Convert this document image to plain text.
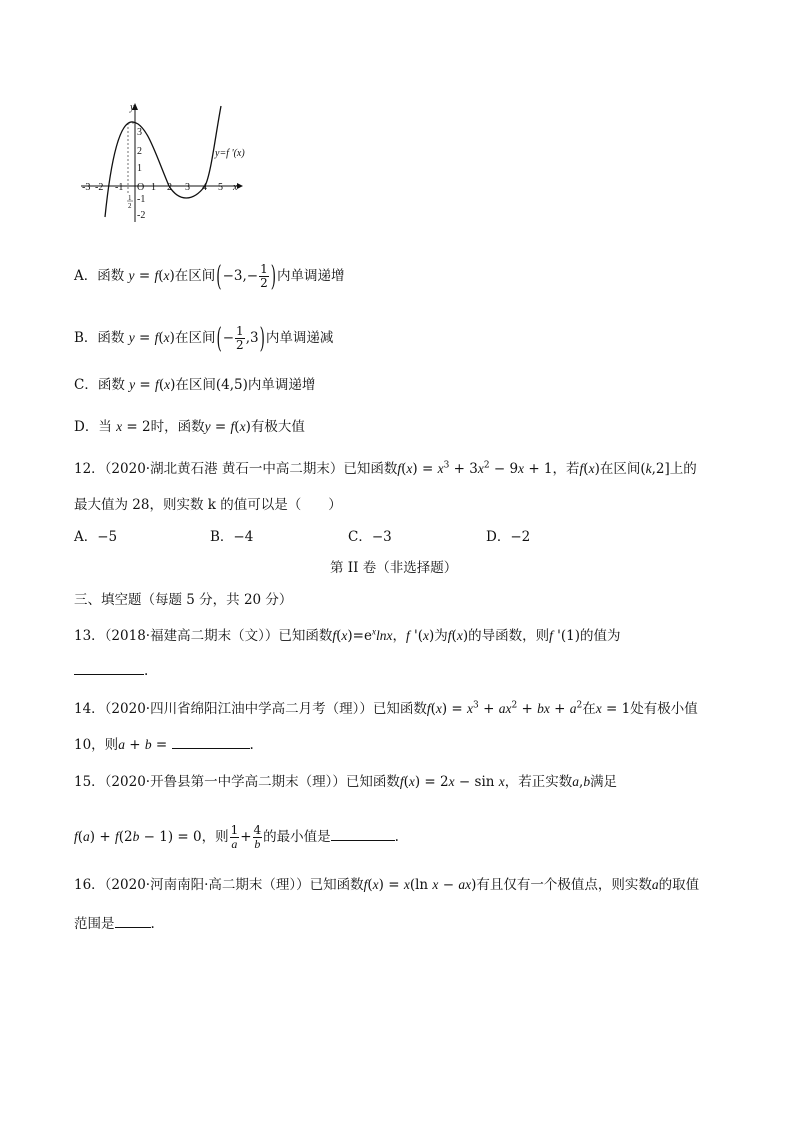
y
x
y=f '(x)
-3 -2 -1 O 1 2 3 4 5
3
2
1
-1
-2
1
2
A．函数 y = f(x)在区间($-3,- \frac{1}{2}$ )内单调递增
B．函数 y = f(x)在区间(− $\frac{1}{2} ,3$)内单调递减
C．函数 y = f(x)在区间(4,5)内单调递增
D．当 x = 2时，函数y = f(x)有极大值
12．（2020·湖北黄石港 黄石一中高二期末）已知函数$f(x) = x^3 + 3x^2 - 9x + 1$，若f(x)在区间(k,2]上的
最大值为 28，则实数 k 的值可以是（　　）
A．−5	B．−4	C．−3	D．−2
第 II 卷（非选择题）
三、填空题（每题 5 分，共 20 分）
13．（2018·福建高二期末（文））已知函数$f(x)=e^x\ln x$，f '(x)为f(x)的导函数，则f '(1)的值为
.
14．（2020·四川省绵阳江油中学高二月考（理））已知函数$f(x) = x^3 + ax^2$ + bx + $a^2$在x = 1处有极小值
10，则a + b =	.
15．（2020·开鲁县第一中学高二期末（理））已知函数f(x) = 2x − sin x，若正实数a,b满足
f(a) + f(2b − 1) = 0，则 $\frac{1}{a} + \frac{4}{b}$ 的最小值是	.
16．（2020·河南南阳·高二期末（理））已知函数f(x) = x(ln x − ax)有且仅有一个极值点，则实数a的取值
范围是	.
